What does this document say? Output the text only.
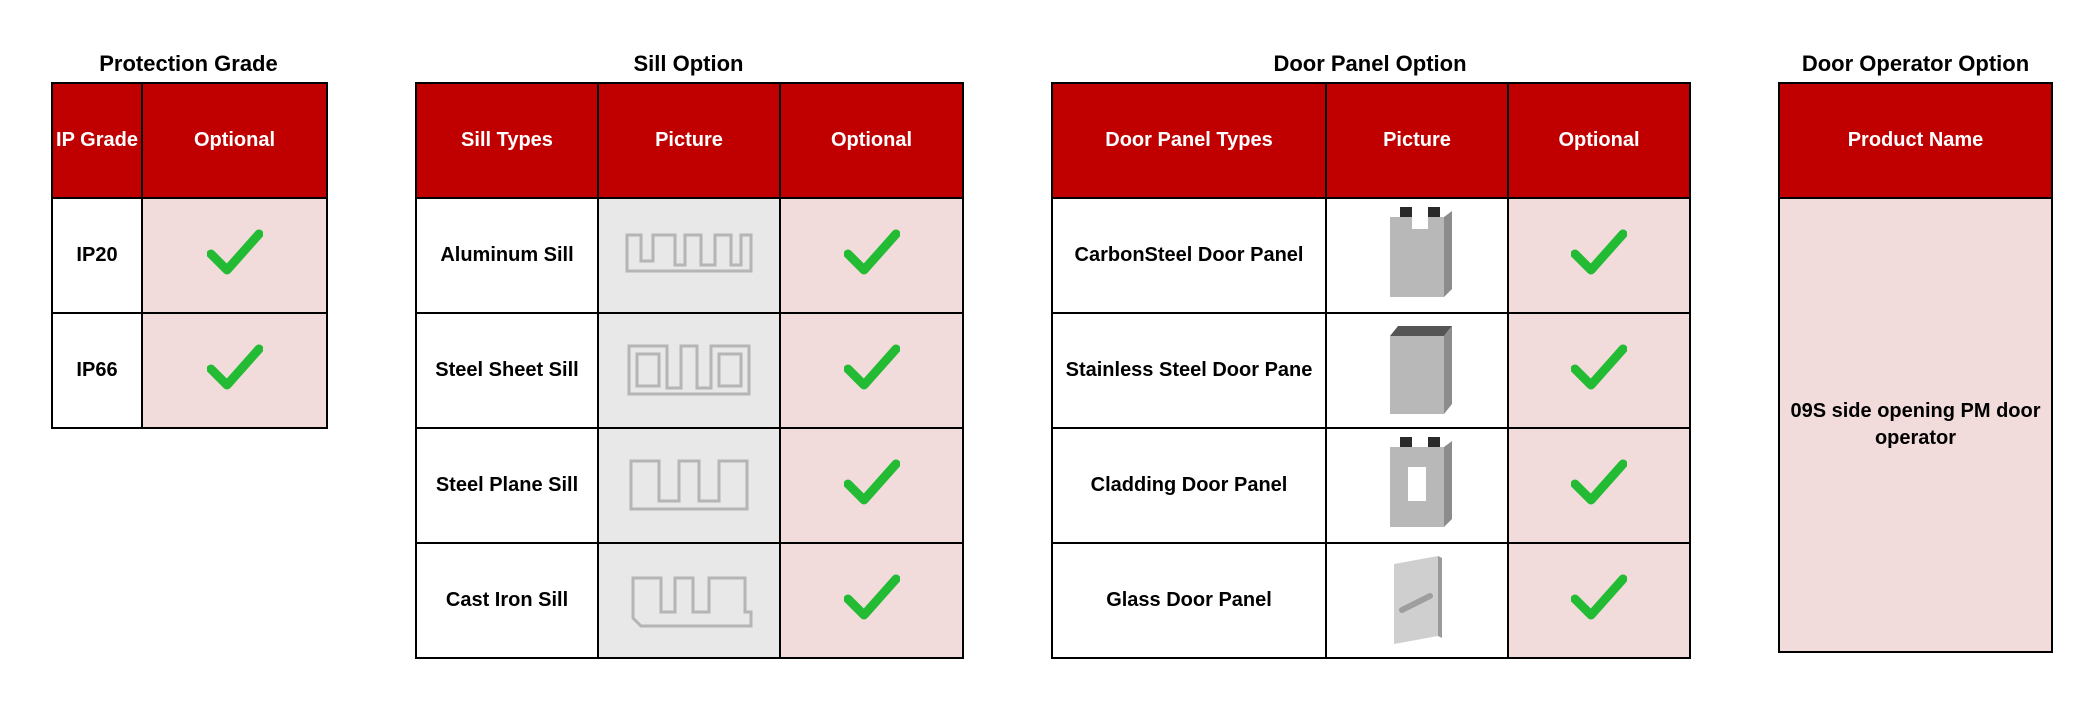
Protection Grade
IP Grade	Optional
IP20	
IP66	
Sill Option
Sill Types	Picture	Optional
Aluminum Sill		
Steel Sheet Sill		
Steel Plane Sill		
Cast Iron Sill		
Door Panel Option
Door Panel Types	Picture	Optional
CarbonSteel Door Panel		
Stainless Steel Door Pane		
Cladding Door Panel		
Glass Door Panel		
Door Operator Option
Product Name
09S side opening PM door operator
